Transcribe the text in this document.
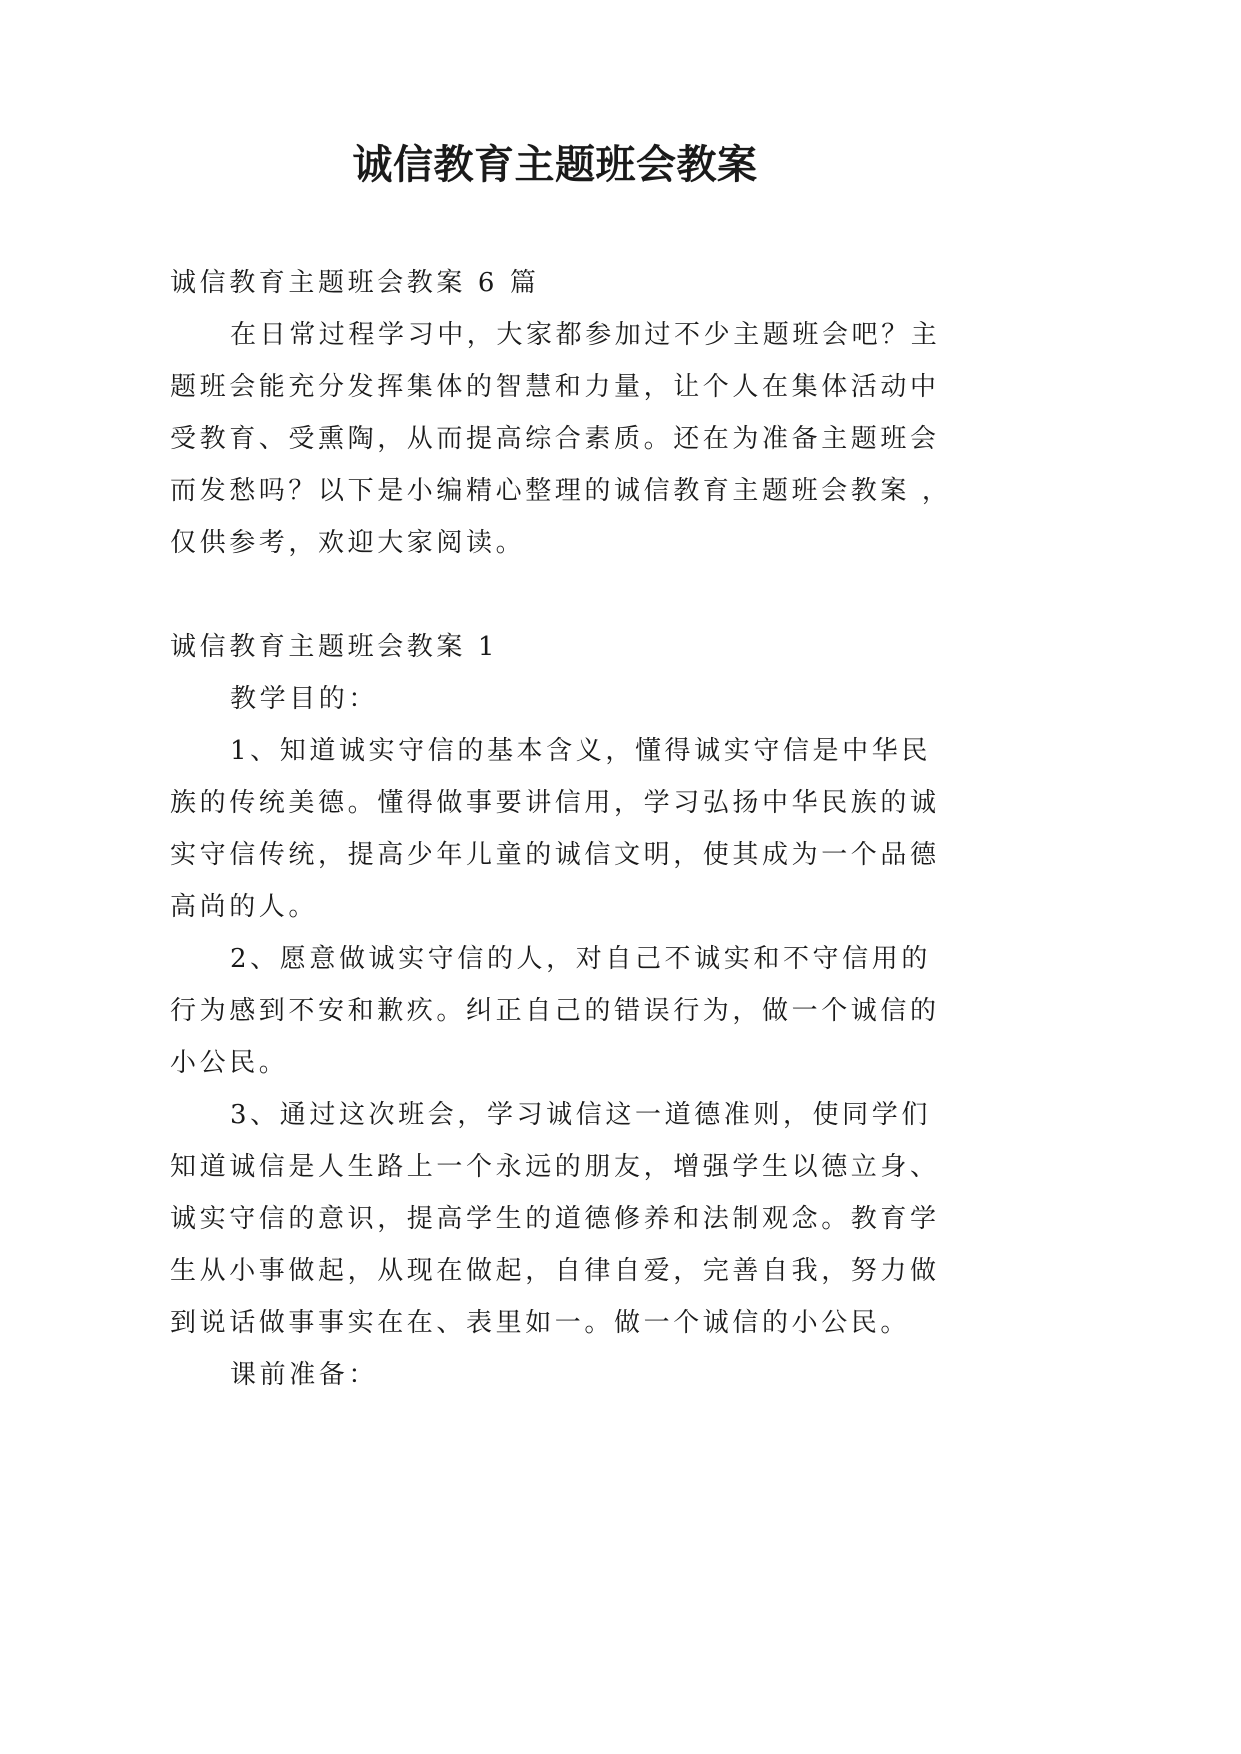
诚信教育主题班会教案
诚信教育主题班会教案 6 篇
在日常过程学习中，大家都参加过不少主题班会吧？主
题班会能充分发挥集体的智慧和力量，让个人在集体活动中
受教育、受熏陶，从而提高综合素质。还在为准备主题班会
而发愁吗？以下是小编精心整理的诚信教育主题班会教案 ，
仅供参考，欢迎大家阅读。
诚信教育主题班会教案 1
教学目的：
1、知道诚实守信的基本含义，懂得诚实守信是中华民
族的传统美德。懂得做事要讲信用，学习弘扬中华民族的诚
实守信传统，提高少年儿童的诚信文明，使其成为一个品德
高尚的人。
2、愿意做诚实守信的人，对自己不诚实和不守信用的
行为感到不安和歉疚。纠正自己的错误行为，做一个诚信的
小公民。
3、通过这次班会，学习诚信这一道德准则，使同学们
知道诚信是人生路上一个永远的朋友，增强学生以德立身、
诚实守信的意识，提高学生的道德修养和法制观念。教育学
生从小事做起，从现在做起，自律自爱，完善自我，努力做
到说话做事事实在在、表里如一。做一个诚信的小公民。
课前准备：
